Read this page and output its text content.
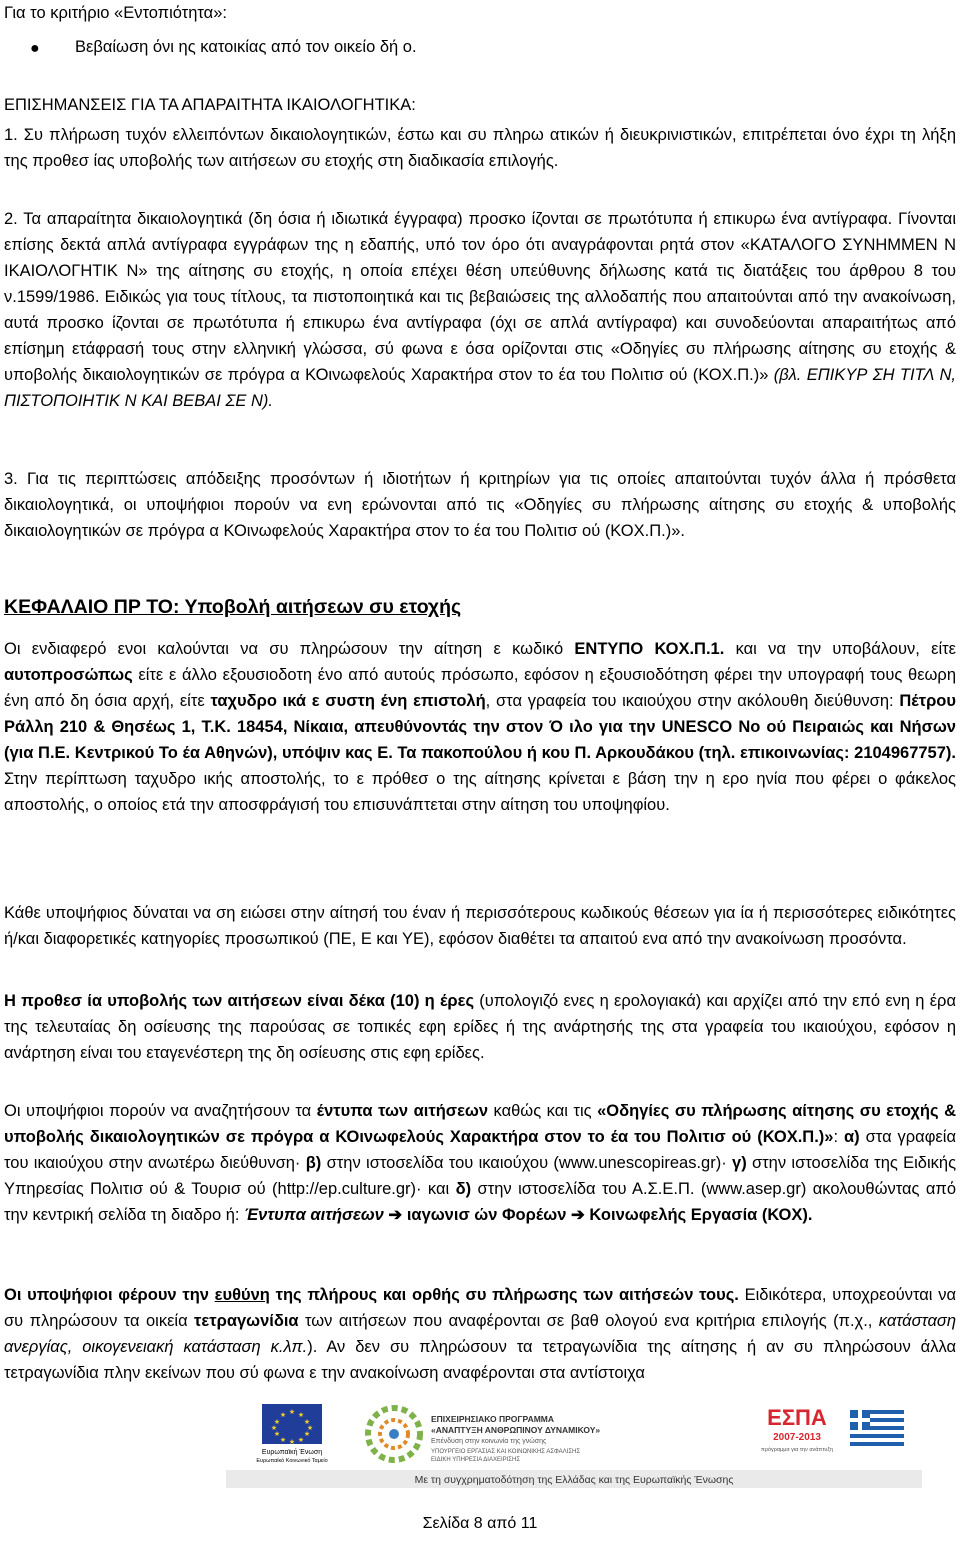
Για το κριτήριο «Εντοπιότητα»:

● Βεβαίωση όνι ης κατοικίας από τον οικείο δή ο.

ΕΠΙΣΗΜΑΝΣΕΙΣ ΓΙΑ ΤΑ ΑΠΑΡΑΙΤΗΤΑ ΙΚΑΙΟΛΟΓΗΤΙΚΑ:

1. Συ πλήρωση τυχόν ελλειπόντων δικαιολογητικών, έστω και συ πληρω ατικών ή διευκρινιστικών, επιτρέπεται όνο έχρι τη λήξη της προθεσ ίας υποβολής των αιτήσεων συ ετοχής στη διαδικασία επιλογής.

2. Τα απαραίτητα δικαιολογητικά (δη όσια ή ιδιωτικά έγγραφα) προσκο ίζονται σε πρωτότυπα ή επικυρω ένα αντίγραφα. Γίνονται επίσης δεκτά απλά αντίγραφα εγγράφων της η εδαπής, υπό τον όρο ότι αναγράφονται ρητά στον «ΚΑΤΑΛΟΓΟ ΣΥΝΗΜΜΕΝ Ν ΙΚΑΙΟΛΟΓΗΤΙΚ Ν» της αίτησης συ ετοχής, η οποία επέχει θέση υπεύθυνης δήλωσης κατά τις διατάξεις του άρθρου 8 του ν.1599/1986. Ειδικώς για τους τίτλους, τα πιστοποιητικά και τις βεβαιώσεις της αλλοδαπής που απαιτούνται από την ανακοίνωση, αυτά προσκο ίζονται σε πρωτότυπα ή επικυρω ένα αντίγραφα (όχι σε απλά αντίγραφα) και συνοδεύονται απαραιτήτως από επίσημη ετάφρασή τους στην ελληνική γλώσσα, σύ φωνα ε όσα ορίζονται στις «Οδηγίες συ πλήρωσης αίτησης συ ετοχής & υποβολής δικαιολογητικών σε πρόγρα α ΚΟινωφελούς Χαρακτήρα στον το έα του Πολιτισ ού (ΚΟΧ.Π.)» (βλ. ΕΠΙΚΥΡ ΣΗ ΤΙΤΛ Ν, ΠΙΣΤΟΠΟΙΗΤΙΚ Ν ΚΑΙ ΒΕΒΑΙ ΣΕ Ν).

3. Για τις περιπτώσεις απόδειξης προσόντων ή ιδιοτήτων ή κριτηρίων για τις οποίες απαιτούνται τυχόν άλλα ή πρόσθετα δικαιολογητικά, οι υποψήφιοι πορούν να ενη ερώνονται από τις «Οδηγίες συ πλήρωσης αίτησης συ ετοχής & υποβολής δικαιολογητικών σε πρόγρα α ΚΟινωφελούς Χαρακτήρα στον το έα του Πολιτισ ού (ΚΟΧ.Π.)».

ΚΕΦΑΛΑΙΟ ΠΡ ΤΟ: Υποβολή αιτήσεων συ ετοχής

Οι ενδιαφερό ενοι καλούνται να συ πληρώσουν την αίτηση ε κωδικό ΕΝΤΥΠΟ ΚΟΧ.Π.1. και να την υποβάλουν, είτε αυτοπροσώπως είτε ε άλλο εξουσιοδοτη ένο από αυτούς πρόσωπο, εφόσον η εξουσιοδότηση φέρει την υπογραφή τους θεωρη ένη από δη όσια αρχή, είτε ταχυδρο ικά ε συστη ένη επιστολή, στα γραφεία του ικαιούχου στην ακόλουθη διεύθυνση: Πέτρου Ράλλη 210 & Θησέως 1, Τ.Κ. 18454, Νίκαια, απευθύνοντάς την στον Ό ιλο για την UNESCO Νο ού Πειραιώς και Νήσων (για Π.Ε. Κεντρικού Το έα Αθηνών), υπόψιν κας Ε. Τα πακοπούλου ή κου Π. Αρκουδάκου (τηλ. επικοινωνίας: 2104967757). Στην περίπτωση ταχυδρο ικής αποστολής, το ε πρόθεσ ο της αίτησης κρίνεται ε βάση την η ερο ηνία που φέρει ο φάκελος αποστολής, ο οποίος ετά την αποσφράγισή του επισυνάπτεται στην αίτηση του υποψηφίου.

Κάθε υποψήφιος δύναται να ση ειώσει στην αίτησή του έναν ή περισσότερους κωδικούς θέσεων για ία ή περισσότερες ειδικότητες ή/και διαφορετικές κατηγορίες προσωπικού (ΠΕ, Ε και ΥΕ), εφόσον διαθέτει τα απαιτού ενα από την ανακοίνωση προσόντα.

Η προθεσ ία υποβολής των αιτήσεων είναι δέκα (10) η έρες (υπολογιζό ενες η ερολογιακά) και αρχίζει από την επό ενη η έρα της τελευταίας δη οσίευσης της παρούσας σε τοπικές εφη ερίδες ή της ανάρτησής της στα γραφεία του ικαιούχου, εφόσον η ανάρτηση είναι του εταγενέστερη της δη οσίευσης στις εφη ερίδες.

Οι υποψήφιοι πορούν να αναζητήσουν τα έντυπα των αιτήσεων καθώς και τις «Οδηγίες συ πλήρωσης αίτησης συ ετοχής & υποβολής δικαιολογητικών σε πρόγρα α ΚΟινωφελούς Χαρακτήρα στον το έα του Πολιτισ ού (ΚΟΧ.Π.)»: α) στα γραφεία του ικαιούχου στην ανωτέρω διεύθυνση· β) στην ιστοσελίδα του ικαιούχου (www.unescopireas.gr)· γ) στην ιστοσελίδα της Ειδικής Υπηρεσίας Πολιτισ ού & Τουρισ ού (http://ep.culture.gr)· και δ) στην ιστοσελίδα του Α.Σ.Ε.Π. (www.asep.gr) ακολουθώντας από την κεντρική σελίδα τη διαδρο ή: Έντυπα αιτήσεων ➔ ιαγωνισ ών Φορέων ➔ Κοινωφελής Εργασία (ΚΟΧ).

Οι υποψήφιοι φέρουν την ευθύνη της πλήρους και ορθής συ πλήρωσης των αιτήσεών τους. Ειδικότερα, υποχρεούνται να συ πληρώσουν τα οικεία τετραγωνίδια των αιτήσεων που αναφέρονται σε βαθ ολογού ενα κριτήρια επιλογής (π.χ., κατάσταση ανεργίας, οικογενειακή κατάσταση κ.λπ.). Αν δεν συ πληρώσουν τα τετραγωνίδια της αίτησης ή αν συ πληρώσουν άλλα τετραγωνίδια πλην εκείνων που σύ φωνα ε την ανακοίνωση αναφέρονται στα αντίστοιχα

★ ★
★
★
★
★
★
★
★
★
★
★
Ευρωπαϊκή Ένωση
Ευρωπαϊκό Κοινωνικό Ταμείο
ΕΠΙΧΕΙΡΗΣΙΑΚΟ ΠΡΟΓΡΑΜΜΑ
«ΑΝΑΠΤΥΞΗ ΑΝΘΡΩΠΙΝΟΥ ΔΥΝΑΜΙΚΟΥ»
Επένδυση στην κοινωνία της γνώσης
ΥΠΟΥΡΓΕΙΟ ΕΡΓΑΣΙΑΣ ΚΑΙ ΚΟΙΝΩΝΙΚΗΣ ΑΣΦΑΛΙΣΗΣ
ΕΙΔΙΚΗ ΥΠΗΡΕΣΙΑ ΔΙΑΧΕΙΡΙΣΗΣ
ΕΣΠΑ
2007-2013
πρόγραμμα για την ανάπτυξη
Με τη συγχρηματοδότηση της Ελλάδας και της Ευρωπαϊκής Ένωσης
Σελίδα 8 από 11
